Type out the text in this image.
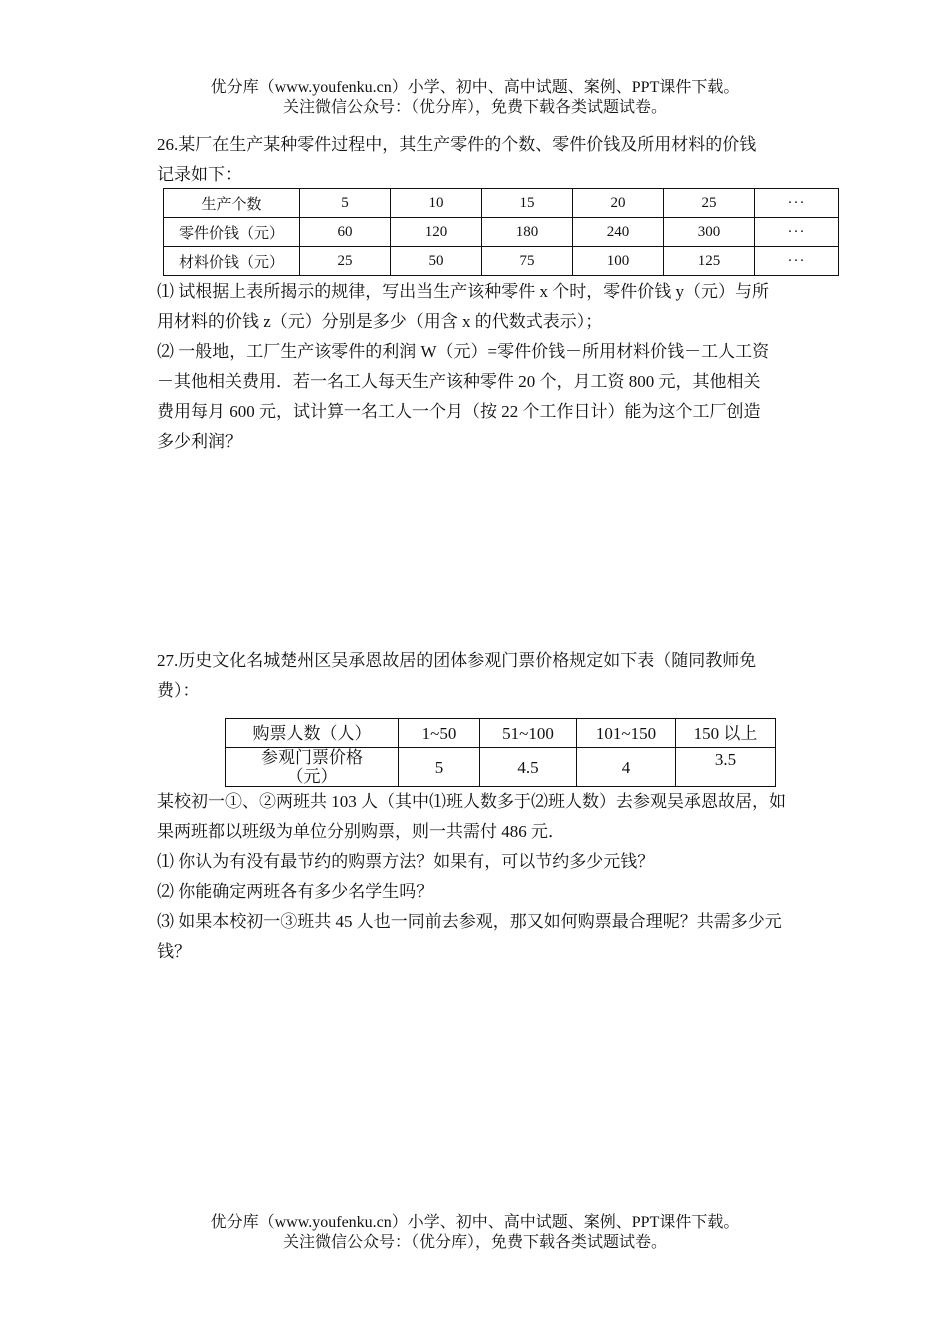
优分库（www.youfenku.cn）小学、初中、高中试题、案例、PPT课件下载。
关注微信公众号：（优分库），免费下载各类试题试卷。

26.某厂在生产某种零件过程中，其生产零件的个数、零件价钱及所用材料的价钱

记录如下：

生产个数	5	10	15	20	25	···
零件价钱（元）	60	120	180	240	300	···
材料价钱（元）	25	50	75	100	125	···

⑴ 试根据上表所揭示的规律，写出当生产该种零件 x 个时，零件价钱 y（元）与所

用材料的价钱 z（元）分别是多少（用含 x 的代数式表示）；

⑵ 一般地，工厂生产该零件的利润 W（元）=零件价钱－所用材料价钱－工人工资

－其他相关费用．若一名工人每天生产该种零件 20 个，月工资 800 元，其他相关

费用每月 600 元，试计算一名工人一个月（按 22 个工作日计）能为这个工厂创造

多少利润？

27.历史文化名城楚州区吴承恩故居的团体参观门票价格规定如下表（随同教师免

费）：

购票人数（人）	1~50	51~100	101~150	150 以上

参观门票价格
（元）	5	4.5	4	3.5

某校初一①、②两班共 103 人（其中⑴班人数多于⑵班人数）去参观吴承恩故居，如

果两班都以班级为单位分别购票，则一共需付 486 元．

⑴ 你认为有没有最节约的购票方法？如果有，可以节约多少元钱？

⑵ 你能确定两班各有多少名学生吗？

⑶ 如果本校初一③班共 45 人也一同前去参观，那又如何购票最合理呢？共需多少元

钱？

优分库（www.youfenku.cn）小学、初中、高中试题、案例、PPT课件下载。
关注微信公众号：（优分库），免费下载各类试题试卷。
